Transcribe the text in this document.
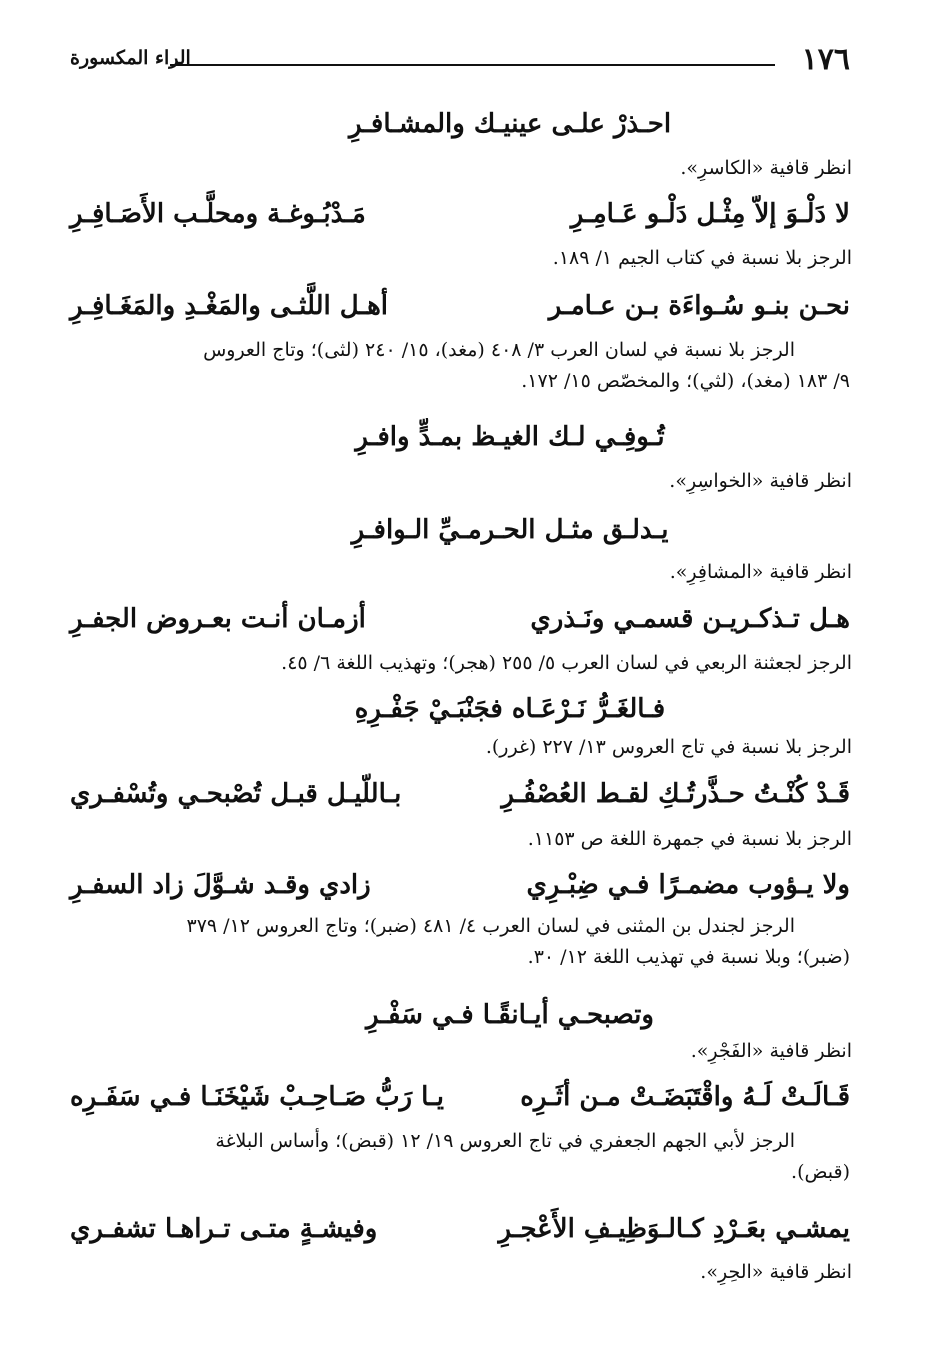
١٧٦
الراء المكسورة
احـذرْ علـى عينيـك والمشـافـرِ
انظر قافية «الكاسرِ».
لا دَلْـوَ إلاّ مِثْـل دَلْـو عَـامِـرِ
مَـدْبُـوغـة ومحلَّـب الأَصَـافِـرِ
الرجز بلا نسبة في كتاب الجيم ١/ ١٨٩.
نحـن بنـو سُـواءَة بـن عـامـر
أهـل اللَّثـى والمَغْـدِ والمَغَـافِـرِ
الرجز بلا نسبة في لسان العرب ٣/ ٤٠٨ (مغد)، ١٥/ ٢٤٠ (لثى)؛ وتاج العروس
٩/ ١٨٣ (مغد)، (لثي)؛ والمخصّص ١٥/ ١٧٢.
تُـوفِـي لـك الغيـظ بمـدٍّ وافـرِ
انظر قافية «الخواسِرِ».
يـدلـق مثـل الحـرمـيِّ الـوافـرِ
انظر قافية «المشافِرِ».
هـل تـذكـريـن قسمـي ونَـذري
أزمـان أنـت بعـروض الجفـرِ
الرجز لجعثنة الربعي في لسان العرب ٥/ ٢٥٥ (هجر)؛ وتهذيب اللغة ٦/ ٤٥.
فـالغَـرُّ نَـرْعَـاه فجَنْبَـيْ جَفْـرِهِ
الرجز بلا نسبة في تاج العروس ١٣/ ٢٢٧ (غرر).
قَـدْ كُنْـتُ حـذَّرتُـكِ لقـط العُصْفُـرِ
بـاللّيـل قبـل تُصْبحـي وتُسْفـري
الرجز بلا نسبة في جمهرة اللغة ص ١١٥٣.
ولا يـؤوب مضمـرًا فـي ضِبْـرِي
زادي وقـد شـوَّلَ زاد السفـرِ
الرجز لجندل بن المثنى في لسان العرب ٤/ ٤٨١ (ضبر)؛ وتاج العروس ١٢/ ٣٧٩
(ضبر)؛ وبلا نسبة في تهذيب اللغة ١٢/ ٣٠.
وتصبحـي أيـانقًـا فـي سَفْـرِ
انظر قافية «الفَجْرِ».
قَـالَـتْ لَـهُ واقْتَبَضَـتْ مـن أثَـرِه
يـا رَبُّ صَـاحِـبْ شَيْخَنَـا فـي سَفَـرِه
الرجز لأبي الجهم الجعفري في تاج العروس ١٩/ ١٢ (قبض)؛ وأساس البلاغة
(قبض).
يمشـي بعَـرْدِ كـالـوَظِيـفِ الأَعْجـرِ
وفيشـةٍ متـى تـراهـا تشفـري
انظر قافية «الحِرِ».
